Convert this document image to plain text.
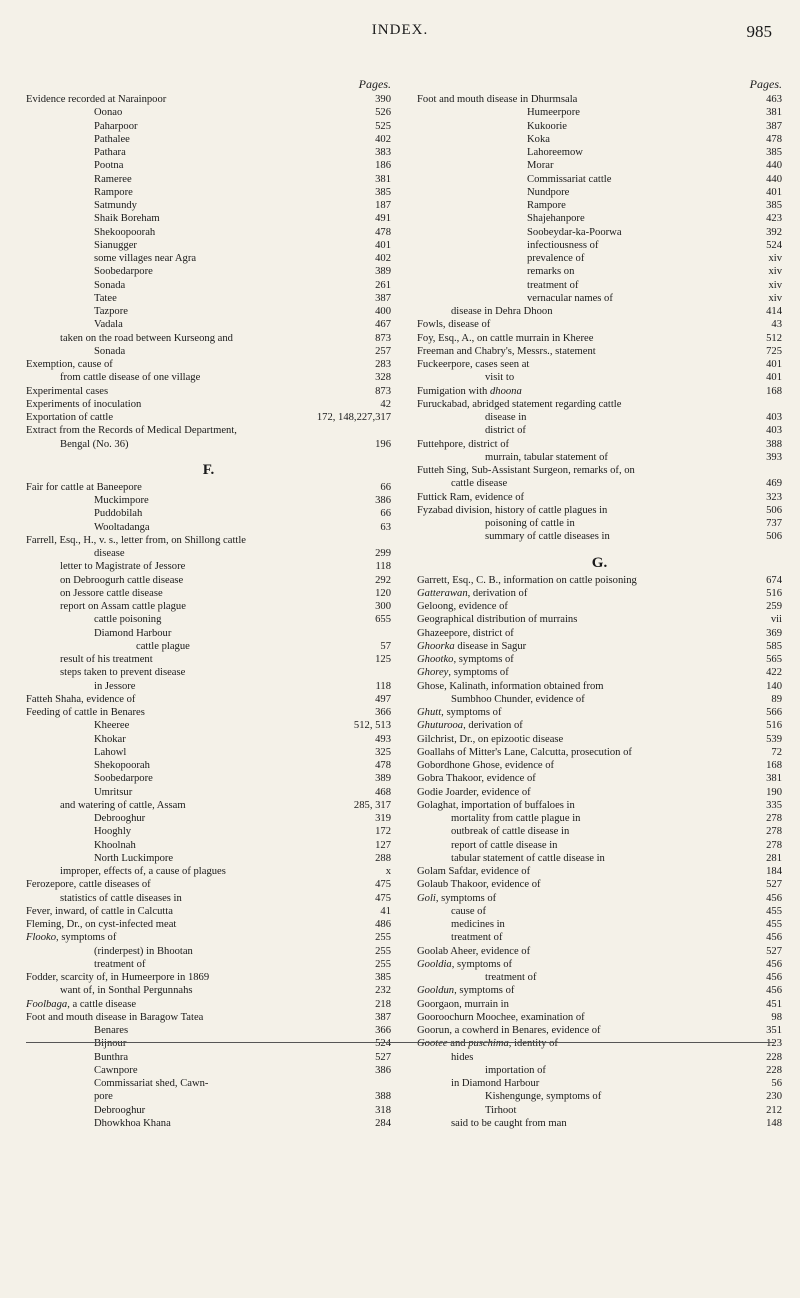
INDEX.	985
Pages.
Evidence recorded at Narainpoor	390
Oonao	526
Paharpoor	525
Pathalee	402
Pathara	383
Pootna	186
Rameree	381
Rampore	385
Satmundy	187
Shaik Boreham	491
Shekoopoorah	478
Sianugger	401
some villages near Agra	402
Soobedarpore	389
Sonada	261
Tatee	387
Tazpore	400
Vadala	467
taken on the road between Kurseong and	873
Sonada	257
Exemption, cause of	283
from cattle disease of one village	328
Experimental cases	873
Experiments of inoculation	42
Exportation of cattle	172, 148,227,317
Extract from the Records of Medical Department,
Bengal (No. 36)	196
F.
Fair for cattle at Baneepore	66
Muckimpore	386
Puddobilah	66
Wooltadanga	63
Farrell, Esq., H., v. s., letter from, on Shillong cattle
disease	299
letter to Magistrate of Jessore	118
on Debroogurh cattle disease	292
on Jessore cattle disease	120
report on Assam cattle plague	300
cattle poisoning	655
Diamond Harbour
cattle plague	57
result of his treatment	125
steps taken to prevent disease
in Jessore	118
Fatteh Shaha, evidence of	497
Feeding of cattle in Benares	366
Kheeree	512, 513
Khokar	493
Lahowl	325
Shekopoorah	478
Soobedarpore	389
Umritsur	468
and watering of cattle, Assam	285, 317
Debrooghur	319
Hooghly	172
Khoolnah	127
North Luckimpore	288
improper, effects of, a cause of plagues	x
Ferozepore, cattle diseases of	475
statistics of cattle diseases in	475
Fever, inward, of cattle in Calcutta	41
Fleming, Dr., on cyst-infected meat	486
Flooko, symptoms of	255
(rinderpest) in Bhootan	255
treatment of	255
Fodder, scarcity of, in Humeerpore in 1869	385
want of, in Sonthal Pergunnahs	232
Foolbaga, a cattle disease	218
Foot and mouth disease in Baragow Tatea	387
Benares	366
Bijnour	524
Bunthra	527
Cawnpore	386
Commissariat shed, Cawn-
pore	388
Debrooghur	318
Dhowkhoa Khana	284
Pages.
Foot and mouth disease in Dhurmsala	463
Humeerpore	381
Kukoorie	387
Koka	478
Lahoreemow	385
Morar	440
Commissariat cattle	440
Nundpore	401
Rampore	385
Shajehanpore	423
Soobeydar-ka-Poorwa	392
infectiousness of	524
prevalence of	xiv
remarks on	xiv
treatment of	xiv
vernacular names of	xiv
disease in Dehra Dhoon	414
Fowls, disease of	43
Foy, Esq., A., on cattle murrain in Kheree	512
Freeman and Chabry's, Messrs., statement	725
Fuckeerpore, cases seen at	401
visit to	401
Fumigation with dhoona	168
Furuckabad, abridged statement regarding cattle
disease in	403
district of	403
Futtehpore, district of	388
murrain, tabular statement of	393
Futteh Sing, Sub-Assistant Surgeon, remarks of, on
cattle disease	469
Futtick Ram, evidence of	323
Fyzabad division, history of cattle plagues in	506
poisoning of cattle in	737
summary of cattle diseases in	506
G.
Garrett, Esq., C. B., information on cattle poisoning	674
Gatterawan, derivation of	516
Geloong, evidence of	259
Geographical distribution of murrains	vii
Ghazeepore, district of	369
Ghoorka disease in Sagur	585
Ghootko, symptoms of	565
Ghorey, symptoms of	422
Ghose, Kalinath, information obtained from	140
Sumbhoo Chunder, evidence of	89
Ghutt, symptoms of	566
Ghuturooa, derivation of	516
Gilchrist, Dr., on epizootic disease	539
Goallahs of Mitter's Lane, Calcutta, prosecution of	72
Gobordhone Ghose, evidence of	168
Gobra Thakoor, evidence of	381
Godie Joarder, evidence of	190
Golaghat, importation of buffaloes in	335
mortality from cattle plague in	278
outbreak of cattle disease in	278
report of cattle disease in	278
tabular statement of cattle disease in	281
Golam Safdar, evidence of	184
Golaub Thakoor, evidence of	527
Goli, symptoms of	456
cause of	455
medicines in	455
treatment of	456
Goolab Aheer, evidence of	527
Gooldia, symptoms of	456
treatment of	456
Gooldun, symptoms of	456
Goorgaon, murrain in	451
Gooroochurn Moochee, examination of	98
Goorun, a cowherd in Benares, evidence of	351
Gootee and puschima, identity of	123
hides	228
importation of	228
in Diamond Harbour	56
Kishengunge, symptoms of	230
Tirhoot	212
said to be caught from man	148
